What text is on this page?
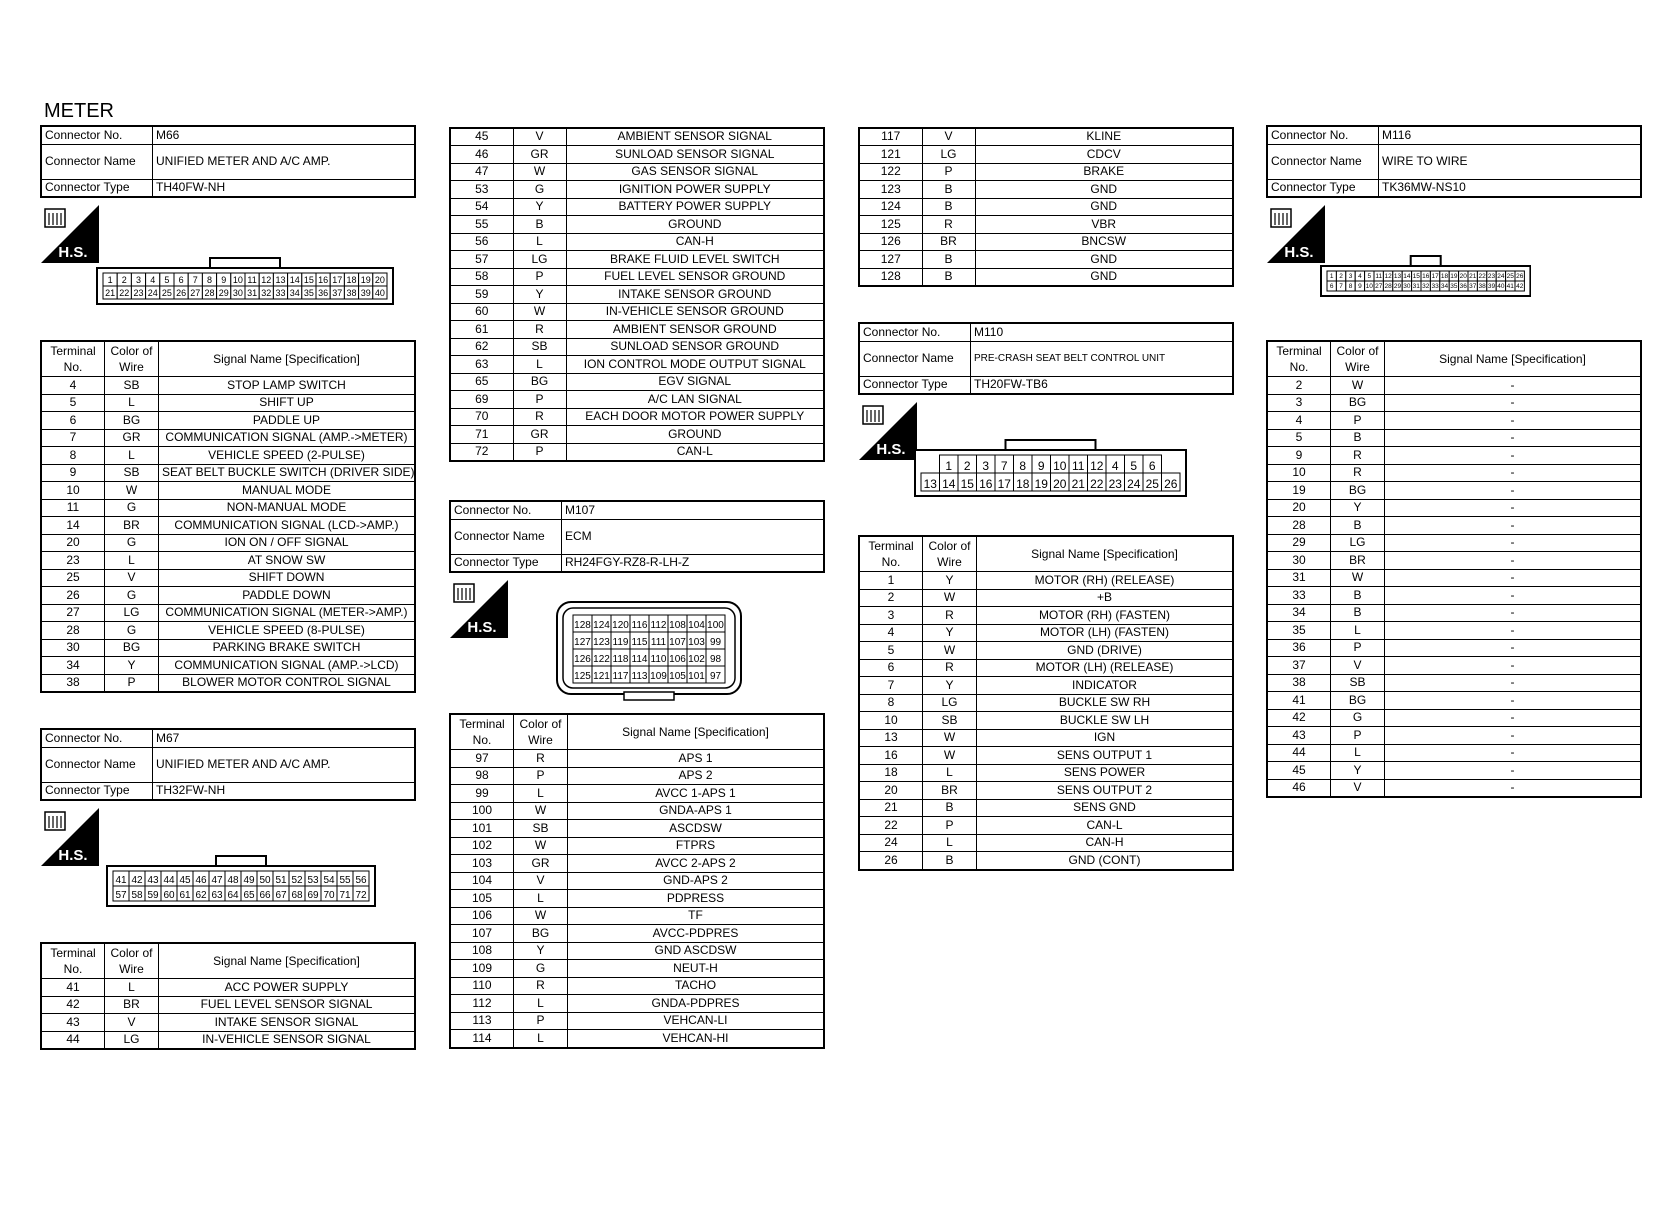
METER
Connector No.	M66
Connector Name	UNIFIED METER AND A/C AMP.
Connector Type	TH40FW-NH
H.S.
1 2 3 4 5 6 7 8 9 10 11 12 13 14 15 16 17 18 19 20
21 22 23 24 25 26 27 28 29 30 31 32 33 34 35 36 37 38 39 40
Terminal No.	Color of Wire	Signal Name [Specification]
4	SB	STOP LAMP SWITCH
5	L	SHIFT UP
6	BG	PADDLE UP
7	GR	COMMUNICATION SIGNAL (AMP.->METER)
8	L	VEHICLE SPEED (2-PULSE)
9	SB	SEAT BELT BUCKLE SWITCH (DRIVER SIDE)
10	W	MANUAL MODE
11	G	NON-MANUAL MODE
14	BR	COMMUNICATION SIGNAL (LCD->AMP.)
20	G	ION ON / OFF SIGNAL
23	L	AT SNOW SW
25	V	SHIFT DOWN
26	G	PADDLE DOWN
27	LG	COMMUNICATION SIGNAL (METER->AMP.)
28	G	VEHICLE SPEED (8-PULSE)
30	BG	PARKING BRAKE SWITCH
34	Y	COMMUNICATION SIGNAL (AMP.->LCD)
38	P	BLOWER MOTOR CONTROL SIGNAL
Connector No.	M67
Connector Name	UNIFIED METER AND A/C AMP.
Connector Type	TH32FW-NH
H.S.
41 42 43 44 45 46 47 48 49 50 51 52 53 54 55 56
57 58 59 60 61 62 63 64 65 66 67 68 69 70 71 72
Terminal No.	Color of Wire	Signal Name [Specification]
41	L	ACC POWER SUPPLY
42	BR	FUEL LEVEL SENSOR SIGNAL
43	V	INTAKE SENSOR SIGNAL
44	LG	IN-VEHICLE SENSOR SIGNAL
45	V	AMBIENT SENSOR SIGNAL
46	GR	SUNLOAD SENSOR SIGNAL
47	W	GAS SENSOR SIGNAL
53	G	IGNITION POWER SUPPLY
54	Y	BATTERY POWER SUPPLY
55	B	GROUND
56	L	CAN-H
57	LG	BRAKE FLUID LEVEL SWITCH
58	P	FUEL LEVEL SENSOR GROUND
59	Y	INTAKE SENSOR GROUND
60	W	IN-VEHICLE SENSOR GROUND
61	R	AMBIENT SENSOR GROUND
62	SB	SUNLOAD SENSOR GROUND
63	L	ION CONTROL MODE OUTPUT SIGNAL
65	BG	EGV SIGNAL
69	P	A/C LAN SIGNAL
70	R	EACH DOOR MOTOR POWER SUPPLY
71	GR	GROUND
72	P	CAN-L
Connector No.	M107
Connector Name	ECM
Connector Type	RH24FGY-RZ8-R-LH-Z
H.S.	128 124 120 116 112 108 104 100
127 123 119 115 111 107 103 99
126 122 118 114 110 106 102 98
125 121 117 113 109 105 101 97
Terminal No.	Color of Wire	Signal Name [Specification]
97	R	APS 1
98	P	APS 2
99	L	AVCC 1-APS 1
100	W	GNDA-APS 1
101	SB	ASCDSW
102	W	FTPRS
103	GR	AVCC 2-APS 2
104	V	GND-APS 2
105	L	PDPRESS
106	W	TF
107	BG	AVCC-PDPRES
108	Y	GND ASCDSW
109	G	NEUT-H
110	R	TACHO
112	L	GNDA-PDPRES
113	P	VEHCAN-LI
114	L	VEHCAN-HI
117	V	KLINE
121	LG	CDCV
122	P	BRAKE
123	B	GND
124	B	GND
125	R	VBR
126	BR	BNCSW
127	B	GND
128	B	GND
Connector No.	M110
Connector Name	PRE-CRASH SEAT BELT CONTROL UNIT
Connector Type	TH20FW-TB6
H.S.
1 2 3 7 8 9 10 11 12 4 5 6
13 14 15 16 17 18 19 20 21 22 23 24 25 26
Terminal No.	Color of Wire	Signal Name [Specification]
1	Y	MOTOR (RH) (RELEASE)
2	W	+B
3	R	MOTOR (RH) (FASTEN)
4	Y	MOTOR (LH) (FASTEN)
5	W	GND (DRIVE)
6	R	MOTOR (LH) (RELEASE)
7	Y	INDICATOR
8	LG	BUCKLE SW RH
10	SB	BUCKLE SW LH
13	W	IGN
16	W	SENS OUTPUT 1
18	L	SENS POWER
20	BR	SENS OUTPUT 2
21	B	SENS GND
22	P	CAN-L
24	L	CAN-H
26	B	GND (CONT)
Connector No.	M116
Connector Name	WIRE TO WIRE
Connector Type	TK36MW-NS10
H.S.
1 2 3 4 5 11 12 13 14 15 16 17 18 19 20 21 22 23 24 25 26
6 7 8 9 10 27 28 29 30 31 32 33 34 35 36 37 38 39 40 41 42
Terminal No.	Color of Wire	Signal Name [Specification]
2	W	-
3	BG	-
4	P	-
5	B	-
9	R	-
10	R	-
19	BG	-
20	Y	-
28	B	-
29	LG	-
30	BR	-
31	W	-
33	B	-
34	B	-
35	L	-
36	P	-
37	V	-
38	SB	-
41	BG	-
42	G	-
43	P	-
44	L	-
45	Y	-
46	V	-
